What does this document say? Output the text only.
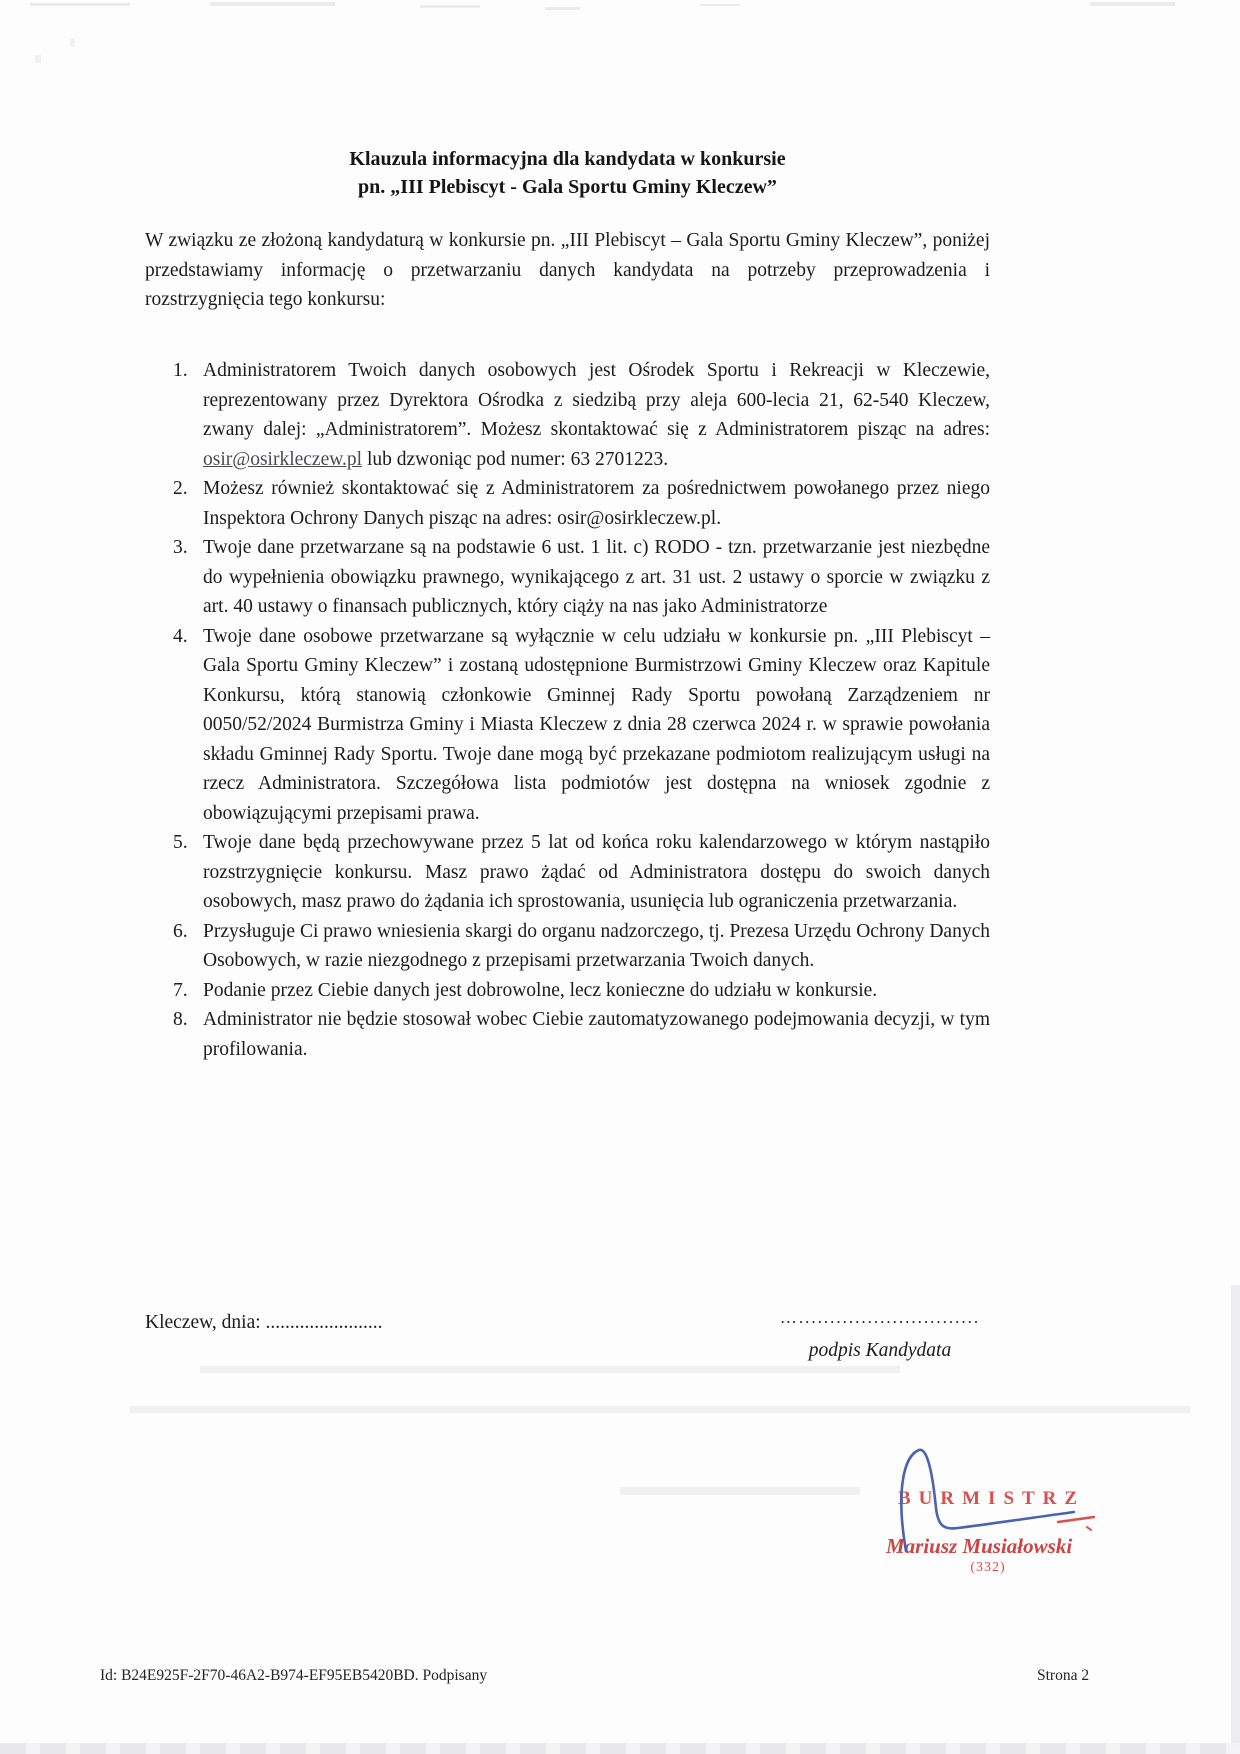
Klauzula informacyjna dla kandydata w konkursie
pn. „III Plebiscyt - Gala Sportu Gminy Kleczew”
W związku ze złożoną kandydaturą w konkursie pn. „III Plebiscyt – Gala Sportu Gminy Kleczew”, poniżej przedstawiamy informację o przetwarzaniu danych kandydata na potrzeby przeprowadzenia i rozstrzygnięcia tego konkursu:
1. Administratorem Twoich danych osobowych jest Ośrodek Sportu i Rekreacji w Kleczewie, reprezentowany przez Dyrektora Ośrodka z siedzibą przy aleja 600-lecia 21, 62-540 Kleczew, zwany dalej: „Administratorem”. Możesz skontaktować się z Administratorem pisząc na adres: osir@osirkleczew.pl lub dzwoniąc pod numer: 63 2701223.
2. Możesz również skontaktować się z Administratorem za pośrednictwem powołanego przez niego Inspektora Ochrony Danych pisząc na adres: osir@osirkleczew.pl.
3. Twoje dane przetwarzane są na podstawie 6 ust. 1 lit. c) RODO - tzn. przetwarzanie jest niezbędne do wypełnienia obowiązku prawnego, wynikającego z art. 31 ust. 2 ustawy o sporcie w związku z art. 40 ustawy o finansach publicznych, który ciąży na nas jako Administratorze
4. Twoje dane osobowe przetwarzane są wyłącznie w celu udziału w konkursie pn. „III Plebiscyt –Gala Sportu Gminy Kleczew” i zostaną udostępnione Burmistrzowi Gminy Kleczew oraz Kapitule Konkursu, którą stanowią członkowie Gminnej Rady Sportu powołaną Zarządzeniem nr 0050/52/2024 Burmistrza Gminy i Miasta Kleczew z dnia 28 czerwca 2024 r. w sprawie powołania składu Gminnej Rady Sportu. Twoje dane mogą być przekazane podmiotom realizującym usługi na rzecz Administratora. Szczegółowa lista podmiotów jest dostępna na wniosek zgodnie z obowiązującymi przepisami prawa.
5. Twoje dane będą przechowywane przez 5 lat od końca roku kalendarzowego w którym nastąpiło rozstrzygnięcie konkursu. Masz prawo żądać od Administratora dostępu do swoich danych osobowych, masz prawo do żądania ich sprostowania, usunięcia lub ograniczenia przetwarzania.
6. Przysługuje Ci prawo wniesienia skargi do organu nadzorczego, tj. Prezesa Urzędu Ochrony Danych Osobowych, w razie niezgodnego z przepisami przetwarzania Twoich danych.
7. Podanie przez Ciebie danych jest dobrowolne, lecz konieczne do udziału w konkursie.
8. Administrator nie będzie stosował wobec Ciebie zautomatyzowanego podejmowania decyzji, w tym profilowania.
Kleczew, dnia: ........................	….............................
podpis Kandydata
BURMISTRZ
Mariusz Musiałowski
(332)
Id: B24E925F-2F70-46A2-B974-EF95EB5420BD. Podpisany	Strona 2
